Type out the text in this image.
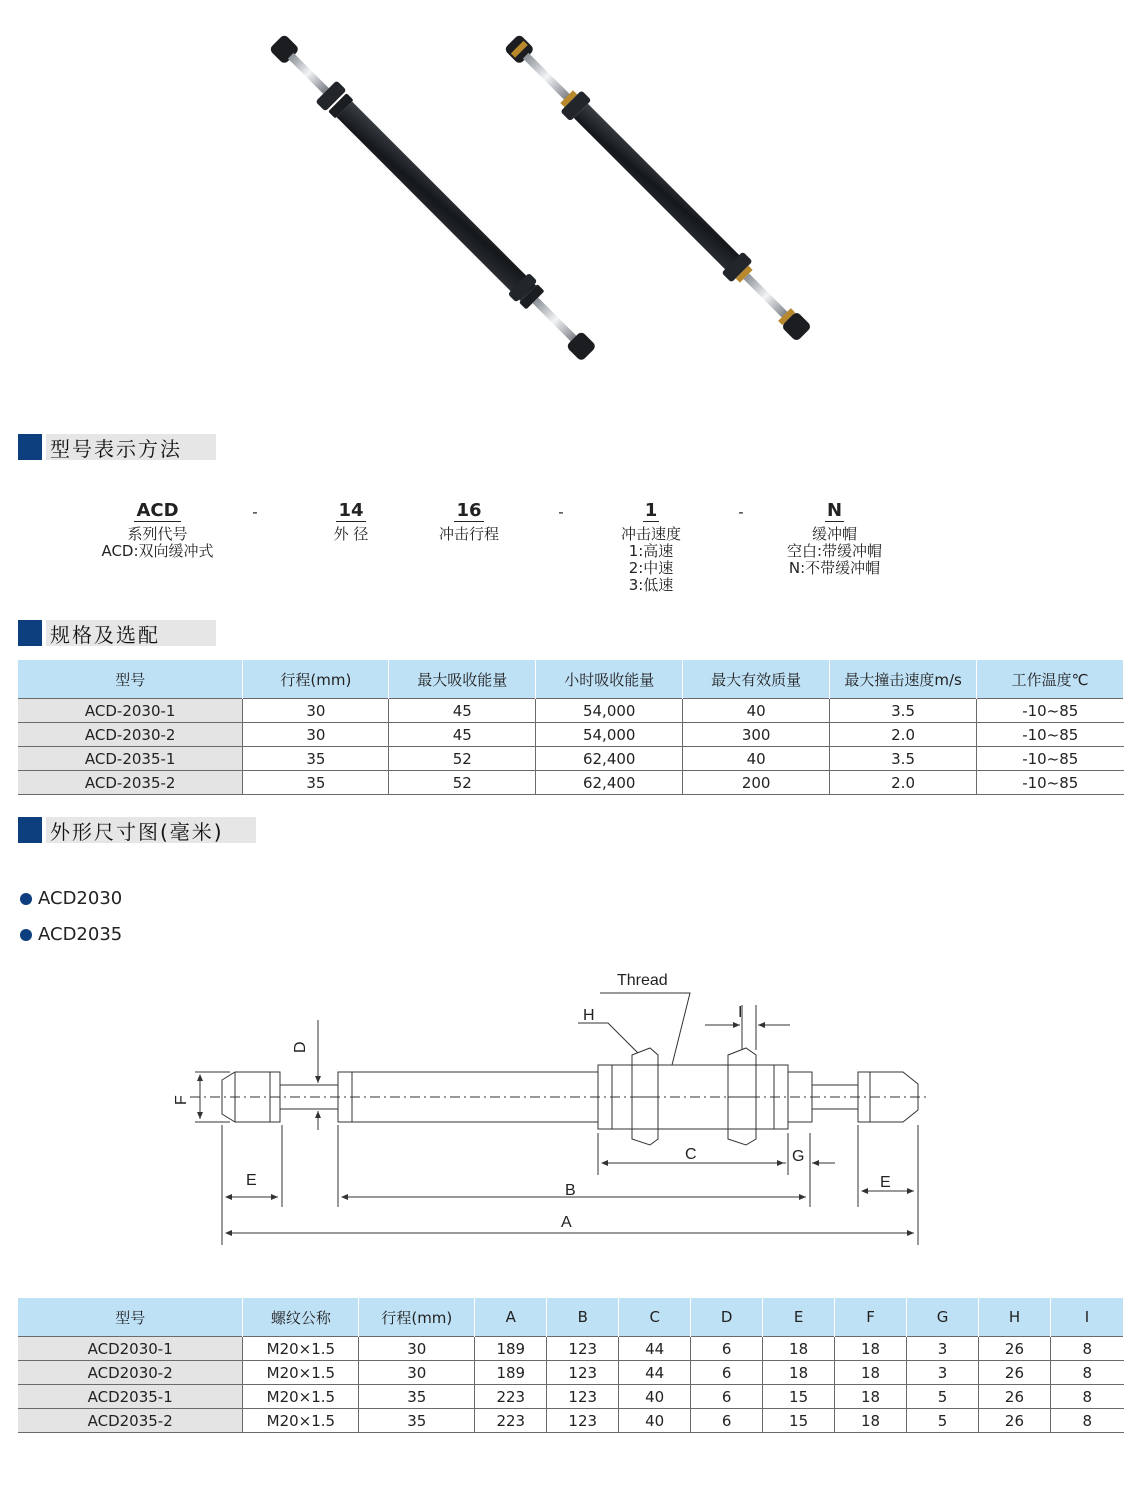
型号表示方法
ACD
系列代号
ACD:双向缓冲式
-	14
外 径
16
冲击行程
-	1
冲击速度
1:高速
2:中速
3:低速
-	N
缓冲帽
空白:带缓冲帽
N:不带缓冲帽
规格及选配
型号	行程(mm)	最大吸收能量	小时吸收能量	最大有效质量	最大撞击速度m/s	工作温度℃
ACD-2030-1	30	45	54,000	40	3.5	-10~85
ACD-2030-2	30	45	54,000	300	2.0	-10~85
ACD-2035-1	35	52	62,400	40	3.5	-10~85
ACD-2035-2	35	52	62,400	200	2.0	-10~85
外形尺寸图(毫米)
ACD2030
ACD2035
Thread
H	I
D
F
C	G
E
B	E
A
型号	螺纹公称	行程(mm)	A	B	C	D	E	F	G	H	I
ACD2030-1	M20×1.5	30	189	123	44	6	18	18	3	26	8
ACD2030-2	M20×1.5	30	189	123	44	6	18	18	3	26	8
ACD2035-1	M20×1.5	35	223	123	40	6	15	18	5	26	8
ACD2035-2	M20×1.5	35	223	123	40	6	15	18	5	26	8
